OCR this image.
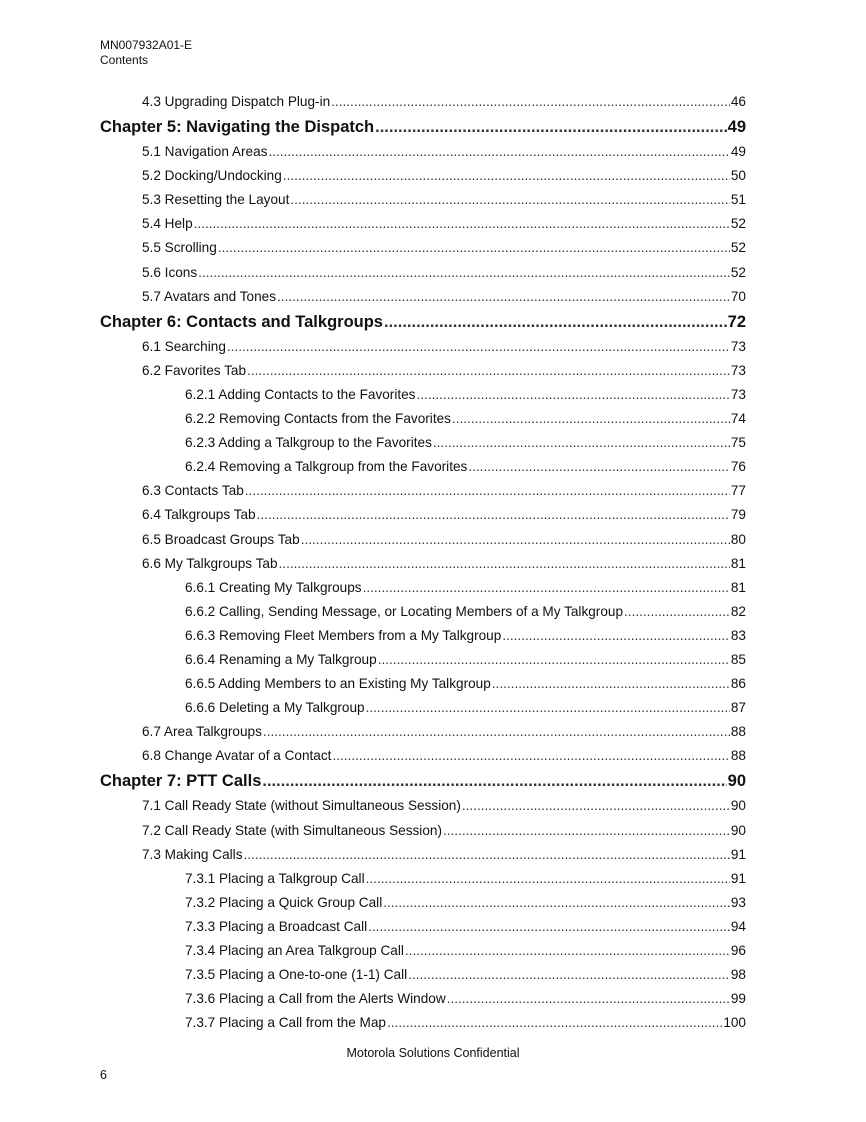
MN007932A01-E
Contents
4.3 Upgrading Dispatch Plug-in .....	46
Chapter 5: Navigating the Dispatch .....	49
5.1 Navigation Areas .....	49
5.2 Docking/Undocking .....	50
5.3 Resetting the Layout .....	51
5.4 Help .....	52
5.5 Scrolling .....	52
5.6 Icons .....	52
5.7 Avatars and Tones .....	70
Chapter 6: Contacts and Talkgroups .....	72
6.1 Searching .....	73
6.2 Favorites Tab .....	73
6.2.1 Adding Contacts to the Favorites .....	73
6.2.2 Removing Contacts from the Favorites .....	74
6.2.3 Adding a Talkgroup to the Favorites .....	75
6.2.4 Removing a Talkgroup from the Favorites .....	76
6.3 Contacts Tab .....	77
6.4 Talkgroups Tab .....	79
6.5 Broadcast Groups Tab .....	80
6.6 My Talkgroups Tab .....	81
6.6.1 Creating My Talkgroups .....	81
6.6.2 Calling, Sending Message, or Locating Members of a My Talkgroup .....	82
6.6.3 Removing Fleet Members from a My Talkgroup .....	83
6.6.4 Renaming a My Talkgroup .....	85
6.6.5 Adding Members to an Existing My Talkgroup .....	86
6.6.6 Deleting a My Talkgroup .....	87
6.7 Area Talkgroups .....	88
6.8 Change Avatar of a Contact .....	88
Chapter 7: PTT Calls .....	90
7.1 Call Ready State (without Simultaneous Session) .....	90
7.2 Call Ready State (with Simultaneous Session) .....	90
7.3 Making Calls .....	91
7.3.1 Placing a Talkgroup Call .....	91
7.3.2 Placing a Quick Group Call .....	93
7.3.3 Placing a Broadcast Call .....	94
7.3.4 Placing an Area Talkgroup Call .....	96
7.3.5 Placing a One-to-one (1-1) Call .....	98
7.3.6 Placing a Call from the Alerts Window .....	99
7.3.7 Placing a Call from the Map .....	100
Motorola Solutions Confidential
6
